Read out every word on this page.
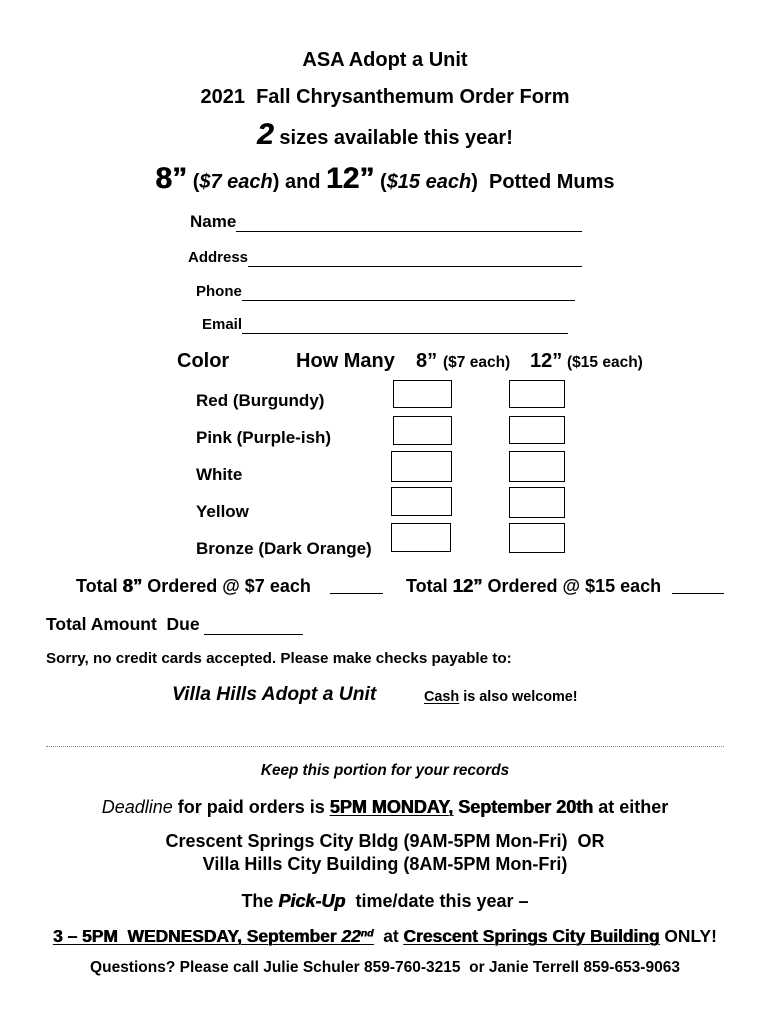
ASA Adopt a Unit
2021  Fall Chrysanthemum Order Form
2 sizes available this year!
8” ($7 each) and 12” ($15 each)  Potted Mums
Name
Address
Phone
Email
Color	How Many 8” ($7 each) 12” ($15 each)
Red (Burgundy)
Pink (Purple-ish)
White
Yellow
Bronze (Dark Orange)
Total 8” Ordered @ $7 each	Total 12” Ordered @ $15 each
Total Amount  Due
Sorry, no credit cards accepted. Please make checks payable to:
Villa Hills Adopt a Unit	Cash is also welcome!
Keep this portion for your records
Deadline for paid orders is 5PM MONDAY, September 20th at either
Crescent Springs City Bldg (9AM-5PM Mon-Fri)  OR
Villa Hills City Building (8AM-5PM Mon-Fri)
The Pick-Up  time/date this year –
3 – 5PM  WEDNESDAY, September 22nd  at Crescent Springs City Building ONLY!
Questions? Please call Julie Schuler 859-760-3215  or Janie Terrell 859-653-9063
